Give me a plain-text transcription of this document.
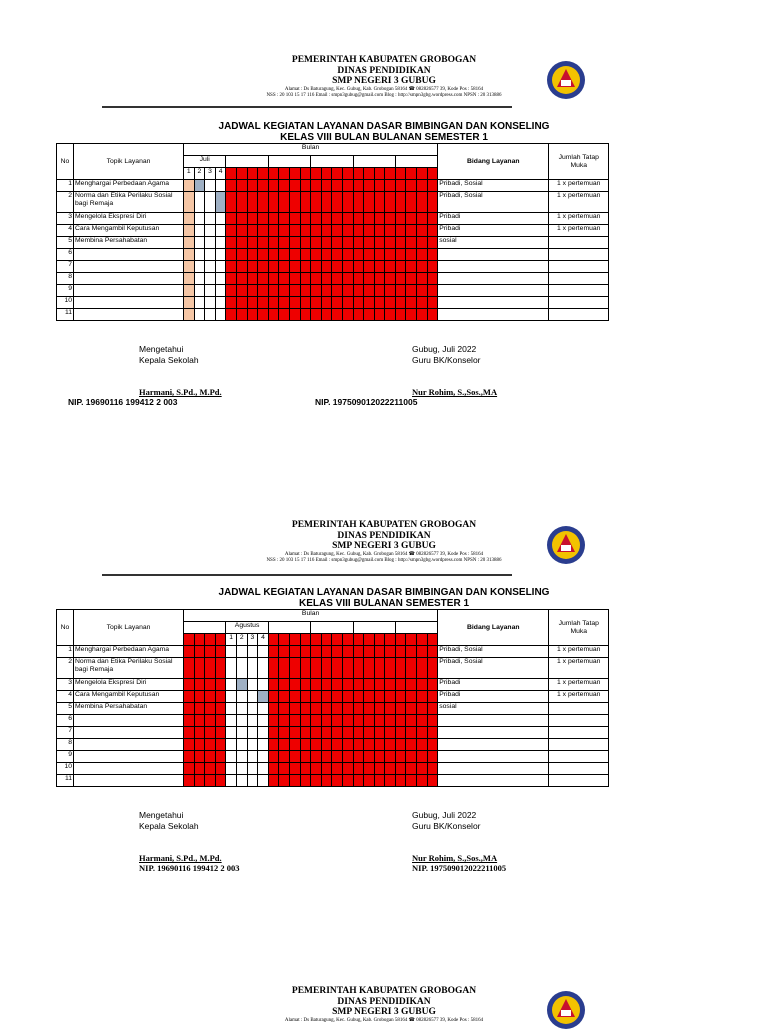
PEMERINTAH KABUPATEN GROBOGAN
DINAS PENDIDIKAN
SMP NEGERI 3 GUBUG
Alamat : Ds Baturagung, Kec. Gubug, Kab. Grobogan 58164 ☎ 082826577 39, Kode Pos : 58164
NSS : 20 103 15 17 116 Email : smpn3gubug@gmail.com Blog : http://smpn3gbg.wordpress.com NPSN : 20 313886
JADWAL KEGIATAN LAYANAN DASAR BIMBINGAN DAN KONSELING
KELAS VIII BULAN BULANAN SEMESTER 1
No	Topik Layanan	Bulan																								Bidang Layanan	Jumlah Tatap Muka
		Juli																									
		1	2	3	4																						
1	Menghargai Perbedaan Agama																									Pribadi, Sosial	1 x pertemuan
2	Norma dan Etika Perilaku Sosial bagi Remaja																									Pribadi, Sosial	1 x pertemuan
3	Mengelola Ekspresi Diri																									Pribadi	1 x pertemuan
4	Cara Mengambil Keputusan																									Pribadi	1 x pertemuan
5	Membina Persahabatan																									sosial	
6																											
7																											
8																											
9																											
10																											
11																											
Mengetahui
Kepala Sekolah
Gubug, Juli 2022
Guru BK/Konselor
Harmani, S.Pd., M.Pd.
NIP. 19690116 199412 2 003
Nur Rohim, S.,Sos.,MA
NIP. 197509012022211005
PEMERINTAH KABUPATEN GROBOGAN
DINAS PENDIDIKAN
SMP NEGERI 3 GUBUG
Alamat : Ds Baturagung, Kec. Gubug, Kab. Grobogan 58164 ☎ 082826577 39, Kode Pos : 58164
NSS : 20 103 15 17 116 Email : smpn3gubug@gmail.com Blog : http://smpn3gbg.wordpress.com NPSN : 20 313886
JADWAL KEGIATAN LAYANAN DASAR BIMBINGAN DAN KONSELING
KELAS VIII BULANAN SEMESTER 1
No	Topik Layanan	Bulan																								Bidang Layanan	Jumlah Tatap Muka
						Agustus																					
						1	2	3	4																		
1	Menghargai Perbedaan Agama																									Pribadi, Sosial	1 x pertemuan
2	Norma dan Etika Perilaku Sosial bagi Remaja																									Pribadi, Sosial	1 x pertemuan
3	Mengelola Ekspresi Diri																									Pribadi	1 x pertemuan
4	Cara Mengambil Keputusan																									Pribadi	1 x pertemuan
5	Membina Persahabatan																									sosial	
6																											
7																											
8																											
9																											
10																											
11																											
Mengetahui
Kepala Sekolah
Gubug, Juli 2022
Guru BK/Konselor
Harmani, S.Pd., M.Pd.
NIP. 19690116 199412 2 003
Nur Rohim, S.,Sos.,MA
NIP. 197509012022211005
PEMERINTAH KABUPATEN GROBOGAN
DINAS PENDIDIKAN
SMP NEGERI 3 GUBUG
Alamat : Ds Baturagung, Kec. Gubug, Kab. Grobogan 58164 ☎ 082826577 39, Kode Pos : 58164
